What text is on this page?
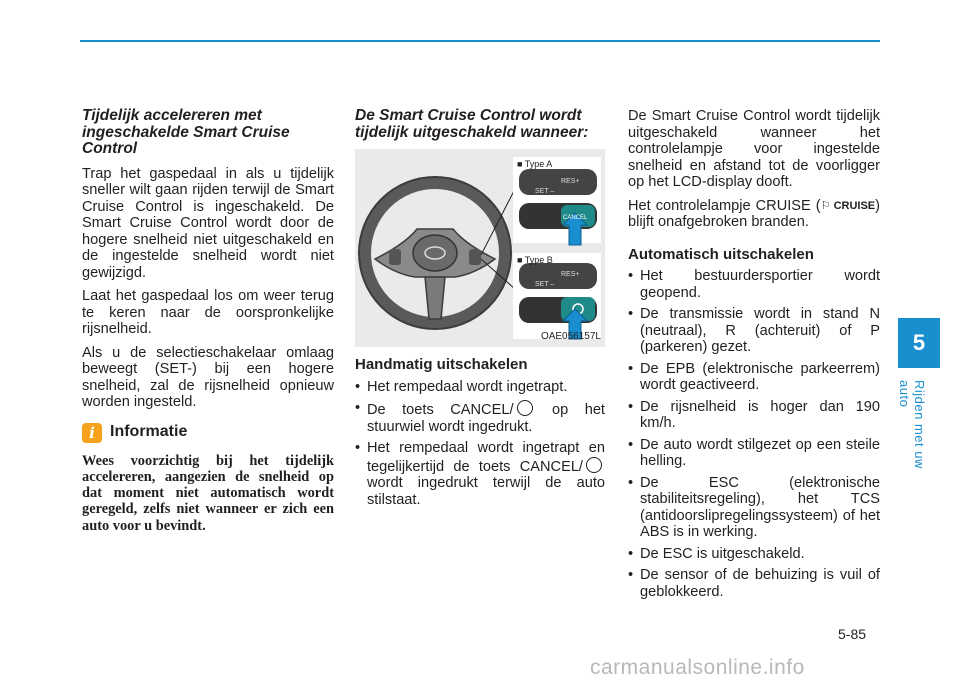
Tijdelijk accelereren met ingeschakelde Smart Cruise Control

Trap het gaspedaal in als u tijdelijk sneller wilt gaan rijden terwijl de Smart Cruise Control is ingeschakeld. De Smart Cruise Control wordt door de hogere snelheid niet uitgeschakeld en de ingestelde snelheid wordt niet gewijzigd.

Laat het gaspedaal los om weer terug te keren naar de oorspronkelijke rijsnelheid.

Als u de selectieschakelaar omlaag beweegt (SET-) bij een hogere snelheid, zal de rijsnelheid opnieuw worden ingesteld.

i Informatie
Wees voorzichtig bij het tijdelijk accelereren, aangezien de snelheid op dat moment niet automatisch wordt geregeld, zelfs niet wanneer er zich een auto voor u bevindt.
De Smart Cruise Control wordt tijdelijk uitgeschakeld wanneer:
■ Type A
RES+
SET –
CANCEL
■ Type B
RES+
SET –
OAE056157L
Handmatig uitschakelen
• Het rempedaal wordt ingetrapt.
• De toets CANCEL/ op het stuurwiel wordt ingedrukt.
• Het rempedaal wordt ingetrapt en tegelijkertijd de toets CANCEL/ wordt ingedrukt terwijl de auto stilstaat.

De Smart Cruise Control wordt tijdelijk uitgeschakeld wanneer het controlelampje voor ingestelde snelheid en afstand tot de voorligger op het LCD-display dooft.

Het controlelampje CRUISE (⚐ CRUISE) blijft onafgebroken branden.

Automatisch uitschakelen
• Het bestuurdersportier wordt geopend.
• De transmissie wordt in stand N (neutraal), R (achteruit) of P (parkeren) gezet.
• De EPB (elektronische parkeerrem) wordt geactiveerd.
• De rijsnelheid is hoger dan 190 km/h.
• De auto wordt stilgezet op een steile helling.
• De ESC (elektronische stabiliteitsregeling), het TCS (antidoorslipregelingssysteem) of het ABS is in werking.
• De ESC is uitgeschakeld.
• De sensor of de behuizing is vuil of geblokkeerd.
5
Rijden met uw auto
5-85
carmanualsonline.info
